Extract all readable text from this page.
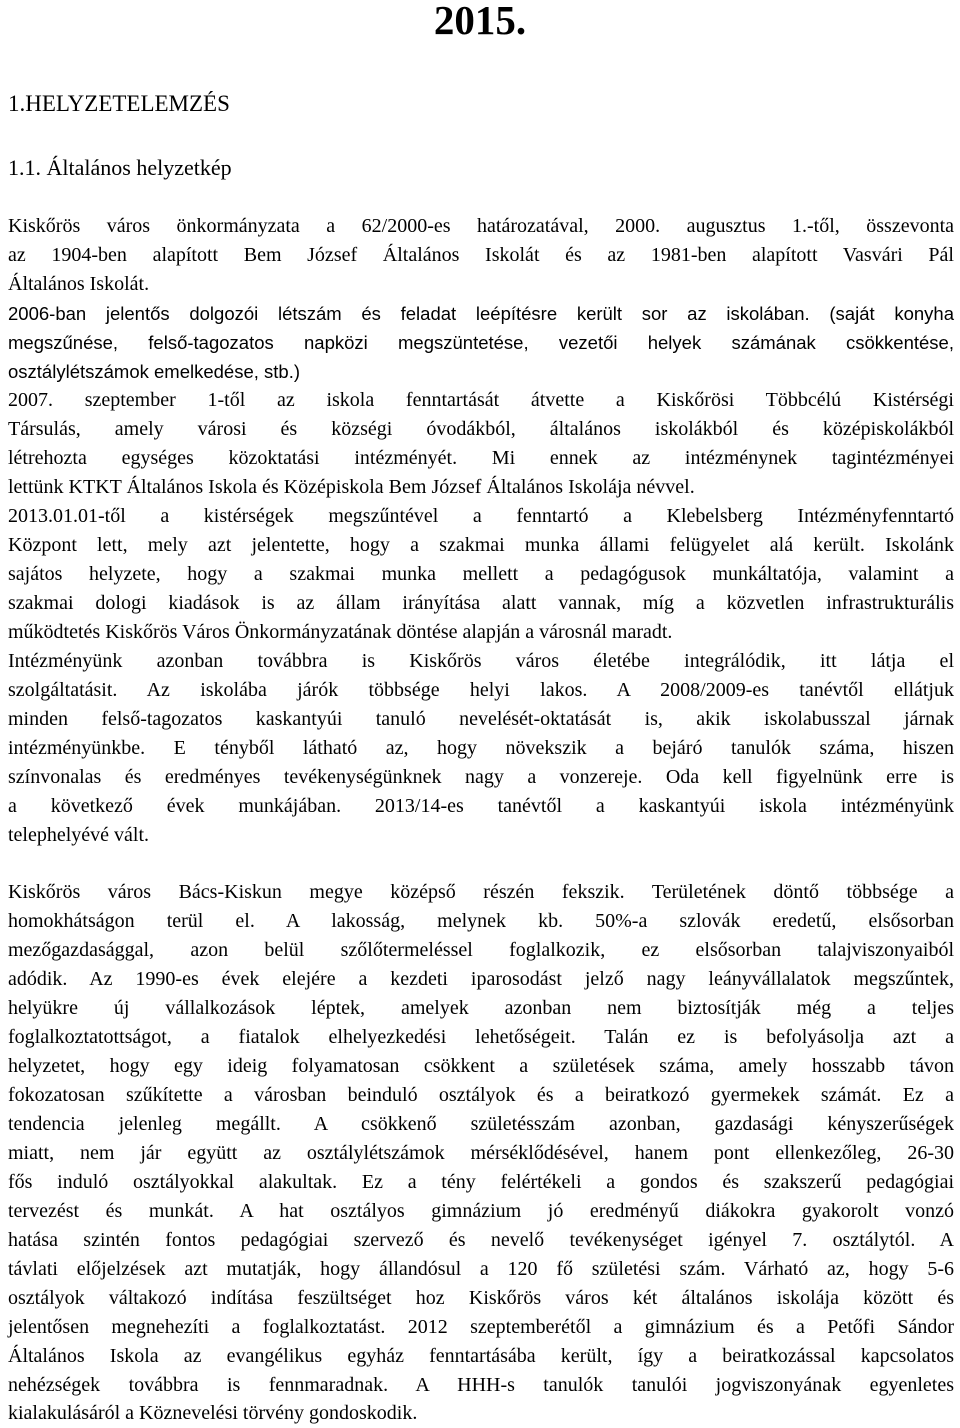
2015.
1.HELYZETELEMZÉS
1.1. Általános helyzetkép
Kiskőrös város önkormányzata a 62/2000-es határozatával, 2000. augusztus 1.-től, összevonta
az 1904-ben alapított Bem József Általános Iskolát és az 1981-ben alapított Vasvári Pál
Általános Iskolát.
2006-ban jelentős dolgozói létszám és feladat leépítésre került sor az iskolában. (saját konyha
megszűnése, felső-tagozatos napközi megszüntetése, vezetői helyek számának csökkentése,
osztálylétszámok emelkedése, stb.)
2007. szeptember 1-től az iskola fenntartását átvette a Kiskőrösi Többcélú Kistérségi
Társulás, amely városi és községi óvodákból, általános iskolákból és középiskolákból
létrehozta egységes közoktatási intézményét. Mi ennek az intézménynek tagintézményei
lettünk KTKT Általános Iskola és Középiskola Bem József Általános Iskolája névvel.
2013.01.01-től a kistérségek megszűntével a fenntartó a Klebelsberg Intézményfenntartó
Központ lett, mely azt jelentette, hogy a szakmai munka állami felügyelet alá került. Iskolánk
sajátos helyzete, hogy a szakmai munka mellett a pedagógusok munkáltatója, valamint a
szakmai dologi kiadások is az állam irányítása alatt vannak, míg a közvetlen infrastrukturális
működtetés Kiskőrös Város Önkormányzatának döntése alapján a városnál maradt.
Intézményünk azonban továbbra is Kiskőrös város életébe integrálódik, itt látja el
szolgáltatásit. Az iskolába járók többsége helyi lakos. A 2008/2009-es tanévtől ellátjuk
minden felső-tagozatos kaskantyúi tanuló nevelését-oktatását is, akik iskolabusszal járnak
intézményünkbe. E tényből látható az, hogy növekszik a bejáró tanulók száma, hiszen
színvonalas és eredményes tevékenységünknek nagy a vonzereje. Oda kell figyelnünk erre is
a következő évek munkájában. 2013/14-es tanévtől a kaskantyúi iskola intézményünk
telephelyévé vált.
Kiskőrös város Bács-Kiskun megye középső részén fekszik. Területének döntő többsége a
homokhátságon terül el. A lakosság, melynek kb. 50%-a szlovák eredetű, elsősorban
mezőgazdasággal, azon belül szőlőtermeléssel foglalkozik, ez elsősorban talajviszonyaiból
adódik. Az 1990-es évek elejére a kezdeti iparosodást jelző nagy leányvállalatok megszűntek,
helyükre új vállalkozások léptek, amelyek azonban nem biztosítják még a teljes
foglalkoztatottságot, a fiatalok elhelyezkedési lehetőségeit. Talán ez is befolyásolja azt a
helyzetet, hogy egy ideig folyamatosan csökkent a születések száma, amely hosszabb távon
fokozatosan szűkítette a városban beinduló osztályok és a beiratkozó gyermekek számát. Ez a
tendencia jelenleg megállt. A csökkenő születésszám azonban, gazdasági kényszerűségek
miatt, nem jár együtt az osztálylétszámok mérséklődésével, hanem pont ellenkezőleg, 26-30
fős induló osztályokkal alakultak. Ez a tény felértékeli a gondos és szakszerű pedagógiai
tervezést és munkát. A hat osztályos gimnázium jó eredményű diákokra gyakorolt vonzó
hatása szintén fontos pedagógiai szervező és nevelő tevékenységet igényel 7. osztálytól. A
távlati előjelzések azt mutatják, hogy állandósul a 120 fő születési szám. Várható az, hogy 5-6
osztályok váltakozó indítása feszültséget hoz Kiskőrös város két általános iskolája között és
jelentősen megnehezíti a foglalkoztatást. 2012 szeptemberétől a gimnázium és a Petőfi Sándor
Általános Iskola az evangélikus egyház fenntartásába került, így a beiratkozással kapcsolatos
nehézségek továbbra is fennmaradnak. A HHH-s tanulók tanulói jogviszonyának egyenletes
kialakulásáról a Köznevelési törvény gondoskodik.
